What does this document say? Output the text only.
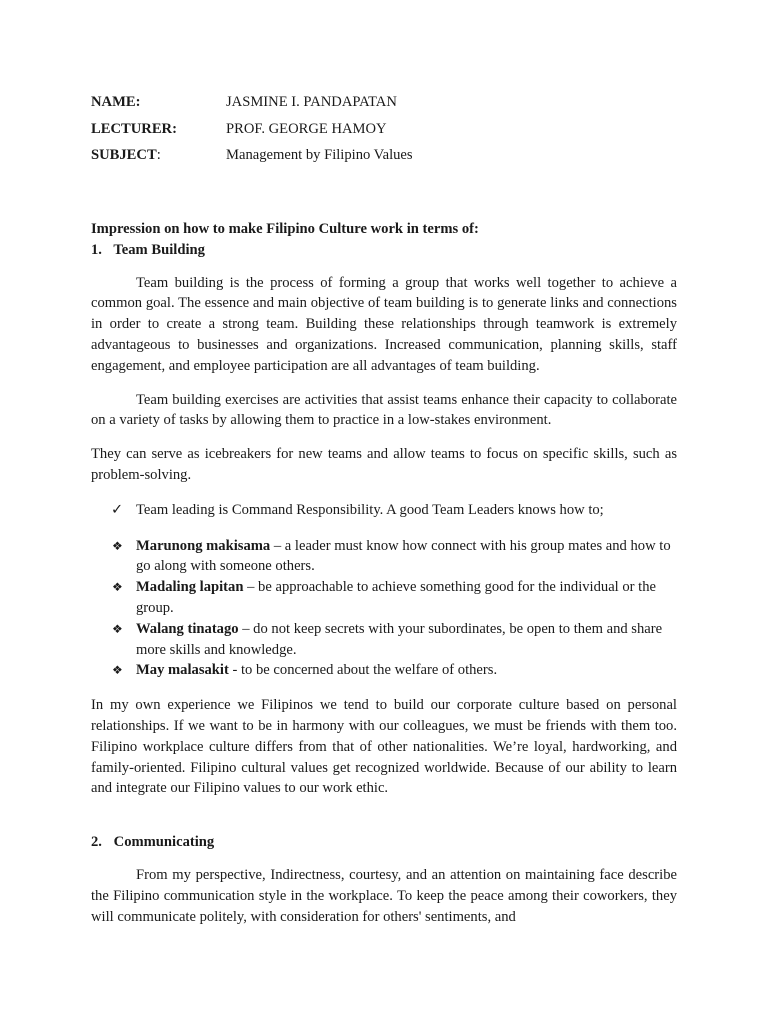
NAME:	JASMINE I. PANDAPATAN
LECTURER:	PROF. GEORGE HAMOY
SUBJECT:	Management by Filipino Values
Impression on how to make Filipino Culture work in terms of:
1. Team Building

Team building is the process of forming a group that works well together to achieve a common goal. The essence and main objective of team building is to generate links and connections in order to create a strong team. Building these relationships through teamwork is extremely advantageous to businesses and organizations. Increased communication, planning skills, staff engagement, and employee participation are all advantages of team building.

Team building exercises are activities that assist teams enhance their capacity to collaborate on a variety of tasks by allowing them to practice in a low-stakes environment.

They can serve as icebreakers for new teams and allow teams to focus on specific skills, such as problem-solving.

✓ Team leading is Command Responsibility. A good Team Leaders knows how to;
❖ Marunong makisama – a leader must know how connect with his group mates and how to go along with someone others.
❖ Madaling lapitan – be approachable to achieve something good for the individual or the group.
❖ Walang tinatago – do not keep secrets with your subordinates, be open to them and share more skills and knowledge.
❖ May malasakit - to be concerned about the welfare of others.

In my own experience we Filipinos we tend to build our corporate culture based on personal relationships. If we want to be in harmony with our colleagues, we must be friends with them too. Filipino workplace culture differs from that of other nationalities. We’re loyal, hardworking, and family-oriented. Filipino cultural values get recognized worldwide. Because of our ability to learn and integrate our Filipino values to our work ethic.

2. Communicating

From my perspective, Indirectness, courtesy, and an attention on maintaining face describe the Filipino communication style in the workplace. To keep the peace among their coworkers, they will communicate politely, with consideration for others' sentiments, and
